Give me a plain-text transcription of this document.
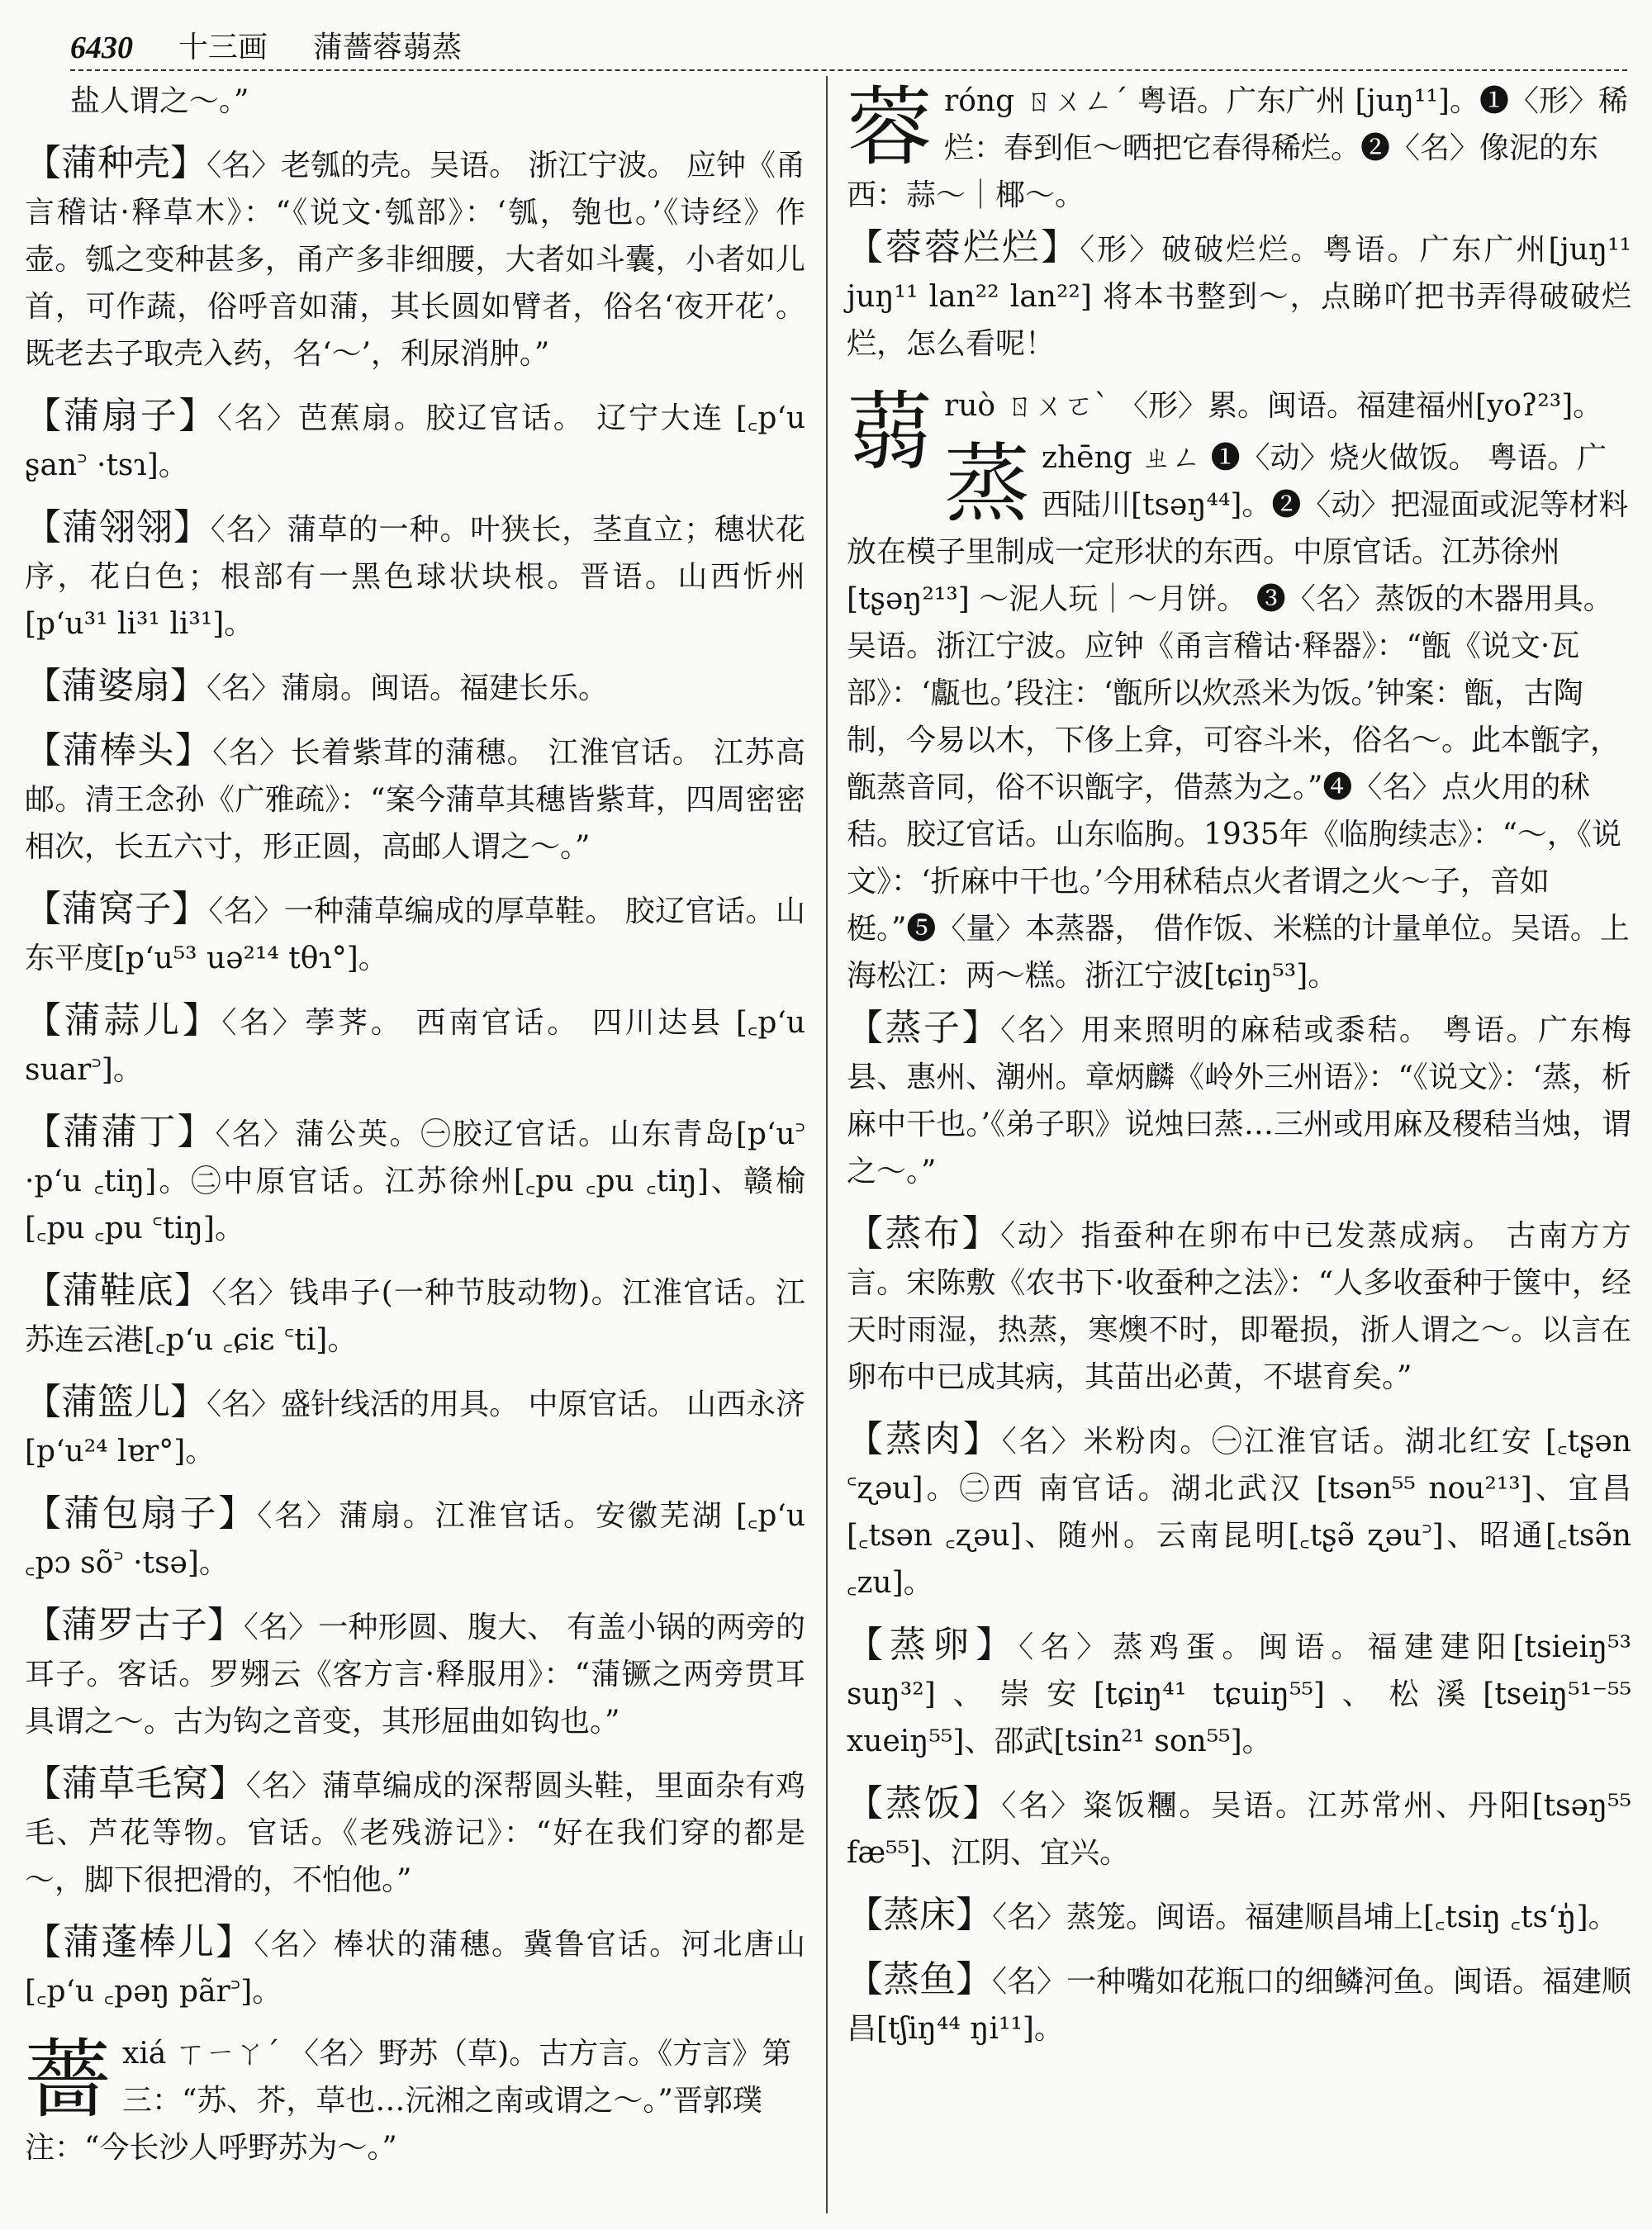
6430 十三画 蒲薔蓉蒻蒸
盐人谓之～。”
【蒲种壳】〈名〉老瓠的壳。吴语。 浙江宁波。 应钟《甬言稽诂·释草木》：“《说文·瓠部》：‘瓠，匏也。’《诗经》作壶。瓠之变种甚多，甬产多非细腰，大者如斗囊，小者如儿首，可作蔬，俗呼音如蒲，其长圆如臂者，俗名‘夜开花’。既老去子取壳入药，名‘～’，利尿消肿。”
【蒲扇子】〈名〉芭蕉扇。胶辽官话。 辽宁大连 [꜀p‘u ʂan꜄ ·tsɿ]。
【蒲翎翎】〈名〉蒲草的一种。叶狭长，茎直立；穗状花序，花白色；根部有一黑色球状块根。晋语。山西忻州[p‘u³¹ li³¹ li³¹]。
【蒲婆扇】〈名〉蒲扇。闽语。福建长乐。
【蒲棒头】〈名〉长着紫茸的蒲穗。 江淮官话。 江苏高邮。清王念孙《广雅疏》：“案今蒲草其穗皆紫茸，四周密密相次，长五六寸，形正圆，高邮人谓之～。”
【蒲窝子】〈名〉一种蒲草编成的厚草鞋。 胶辽官话。山东平度[p‘u⁵³ uə²¹⁴ tθɿ°]。
【蒲蒜儿】〈名〉荸荠。 西南官话。 四川达县 [꜀p‘u suar꜄]。
【蒲蒲丁】〈名〉蒲公英。㊀胶辽官话。山东青岛[p‘u꜄ ·p‘u ꜀tiŋ]。㊁中原官话。江苏徐州[꜀pu ꜀pu ꜀tiŋ]、赣榆[꜀pu ꜀pu ꜂tiŋ]。
【蒲鞋底】〈名〉钱串子(一种节肢动物)。江淮官话。江苏连云港[꜀p‘u ꜀ɕiɛ ꜂ti]。
【蒲篮儿】〈名〉盛针线活的用具。 中原官话。 山西永济[p‘u²⁴ lɐr°]。
【蒲包扇子】〈名〉蒲扇。江淮官话。安徽芜湖 [꜀p‘u ꜀pɔ sõ꜄ ·tsə]。
【蒲罗古子】〈名〉一种形圆、腹大、 有盖小锅的两旁的耳子。客话。罗翙云《客方言·释服用》：“蒲镢之两旁贯耳具谓之～。古为钩之音变，其形屈曲如钩也。”
【蒲草毛窝】〈名〉蒲草编成的深帮圆头鞋，里面杂有鸡毛、芦花等物。官话。《老残游记》：“好在我们穿的都是～，脚下很把滑的，不怕他。”
【蒲蓬棒儿】〈名〉棒状的蒲穗。冀鲁官话。河北唐山[꜀p‘u ꜀pəŋ pãr꜄]。
薔xiá ㄒㄧㄚˊ 〈名〉野苏（草)。古方言。《方言》第三：“苏、芥，草也…沅湘之南或谓之～。”晋郭璞注：“今长沙人呼野苏为～。”
蓉róng ㄖㄨㄥˊ 粤语。广东广州 [juŋ¹¹]。❶〈形〉稀烂：春到佢～晒把它春得稀烂。❷〈名〉像泥的东西：蒜～｜椰～。
【蓉蓉烂烂】〈形〉破破烂烂。粤语。广东广州[juŋ¹¹ juŋ¹¹ lan²² lan²²] 将本书整到～，点睇吖把书弄得破破烂烂，怎么看呢！
蒻ruò ㄖㄨㄛˋ 〈形〉累。闽语。福建福州[yoʔ²³]。
蒸zhēng ㄓㄥ ❶〈动〉烧火做饭。 粤语。广西陆川[tsəŋ⁴⁴]。❷〈动〉把湿面或泥等材料放在模子里制成一定形状的东西。中原官话。江苏徐州 [tʂəŋ²¹³] ～泥人玩｜～月饼。 ❸〈名〉蒸饭的木器用具。吴语。浙江宁波。应钟《甬言稽诂·释器》：“甑《说文·瓦部》：‘甗也。’段注：‘甑所以炊烝米为饭。’钟案：甑，古陶制，今易以木，下侈上弇，可容斗米，俗名～。此本甑字，甑蒸音同，俗不识甑字，借蒸为之。”❹〈名〉点火用的秫秸。胶辽官话。山东临朐。1935年《临朐续志》：“～，《说文》：‘折麻中干也。’今用秫秸点火者谓之火～子，音如梃。”❺〈量〉本蒸器， 借作饭、米糕的计量单位。吴语。上海松江：两～糕。浙江宁波[tɕiŋ⁵³]。
【蒸子】〈名〉用来照明的麻秸或黍秸。 粤语。广东梅县、惠州、潮州。章炳麟《岭外三州语》：“《说文》：‘蒸，析麻中干也。’《弟子职》说烛曰蒸…三州或用麻及稷秸当烛，谓之～。”
【蒸布】〈动〉指蚕种在卵布中已发蒸成病。 古南方方言。宋陈敷《农书下·收蚕种之法》：“人多收蚕种于箧中，经天时雨湿，热蒸，寒燠不时，即罨损，浙人谓之～。以言在卵布中已成其病，其苗出必黄，不堪育矣。”
【蒸肉】〈名〉米粉肉。㊀江淮官话。湖北红安 [꜀tʂən ꜂ʐəu]。㊁西 南官话。湖北武汉 [tsən⁵⁵ nou²¹³]、宜昌[꜀tsən ꜀ʐəu]、随州。云南昆明[꜀tʂə̃ ʐəu꜄]、昭通[꜀tsə̃n ꜀zu]。
【蒸卵】〈名〉蒸鸡蛋。闽语。福建建阳[tsieiŋ⁵³ suŋ³²]、崇安[tɕiŋ⁴¹ tɕuiŋ⁵⁵]、松溪[tseiŋ⁵¹⁻⁵⁵ xueiŋ⁵⁵]、邵武[tsin²¹ son⁵⁵]。
【蒸饭】〈名〉粢饭糰。吴语。江苏常州、丹阳[tsəŋ⁵⁵ fæ⁵⁵]、江阴、宜兴。
【蒸床】〈名〉蒸笼。闽语。福建顺昌埔上[꜀tsiŋ ꜀ts‘ŋ̍]。
【蒸鱼】〈名〉一种嘴如花瓶口的细鳞河鱼。闽语。福建顺昌[tʃiŋ⁴⁴ ŋi¹¹]。
